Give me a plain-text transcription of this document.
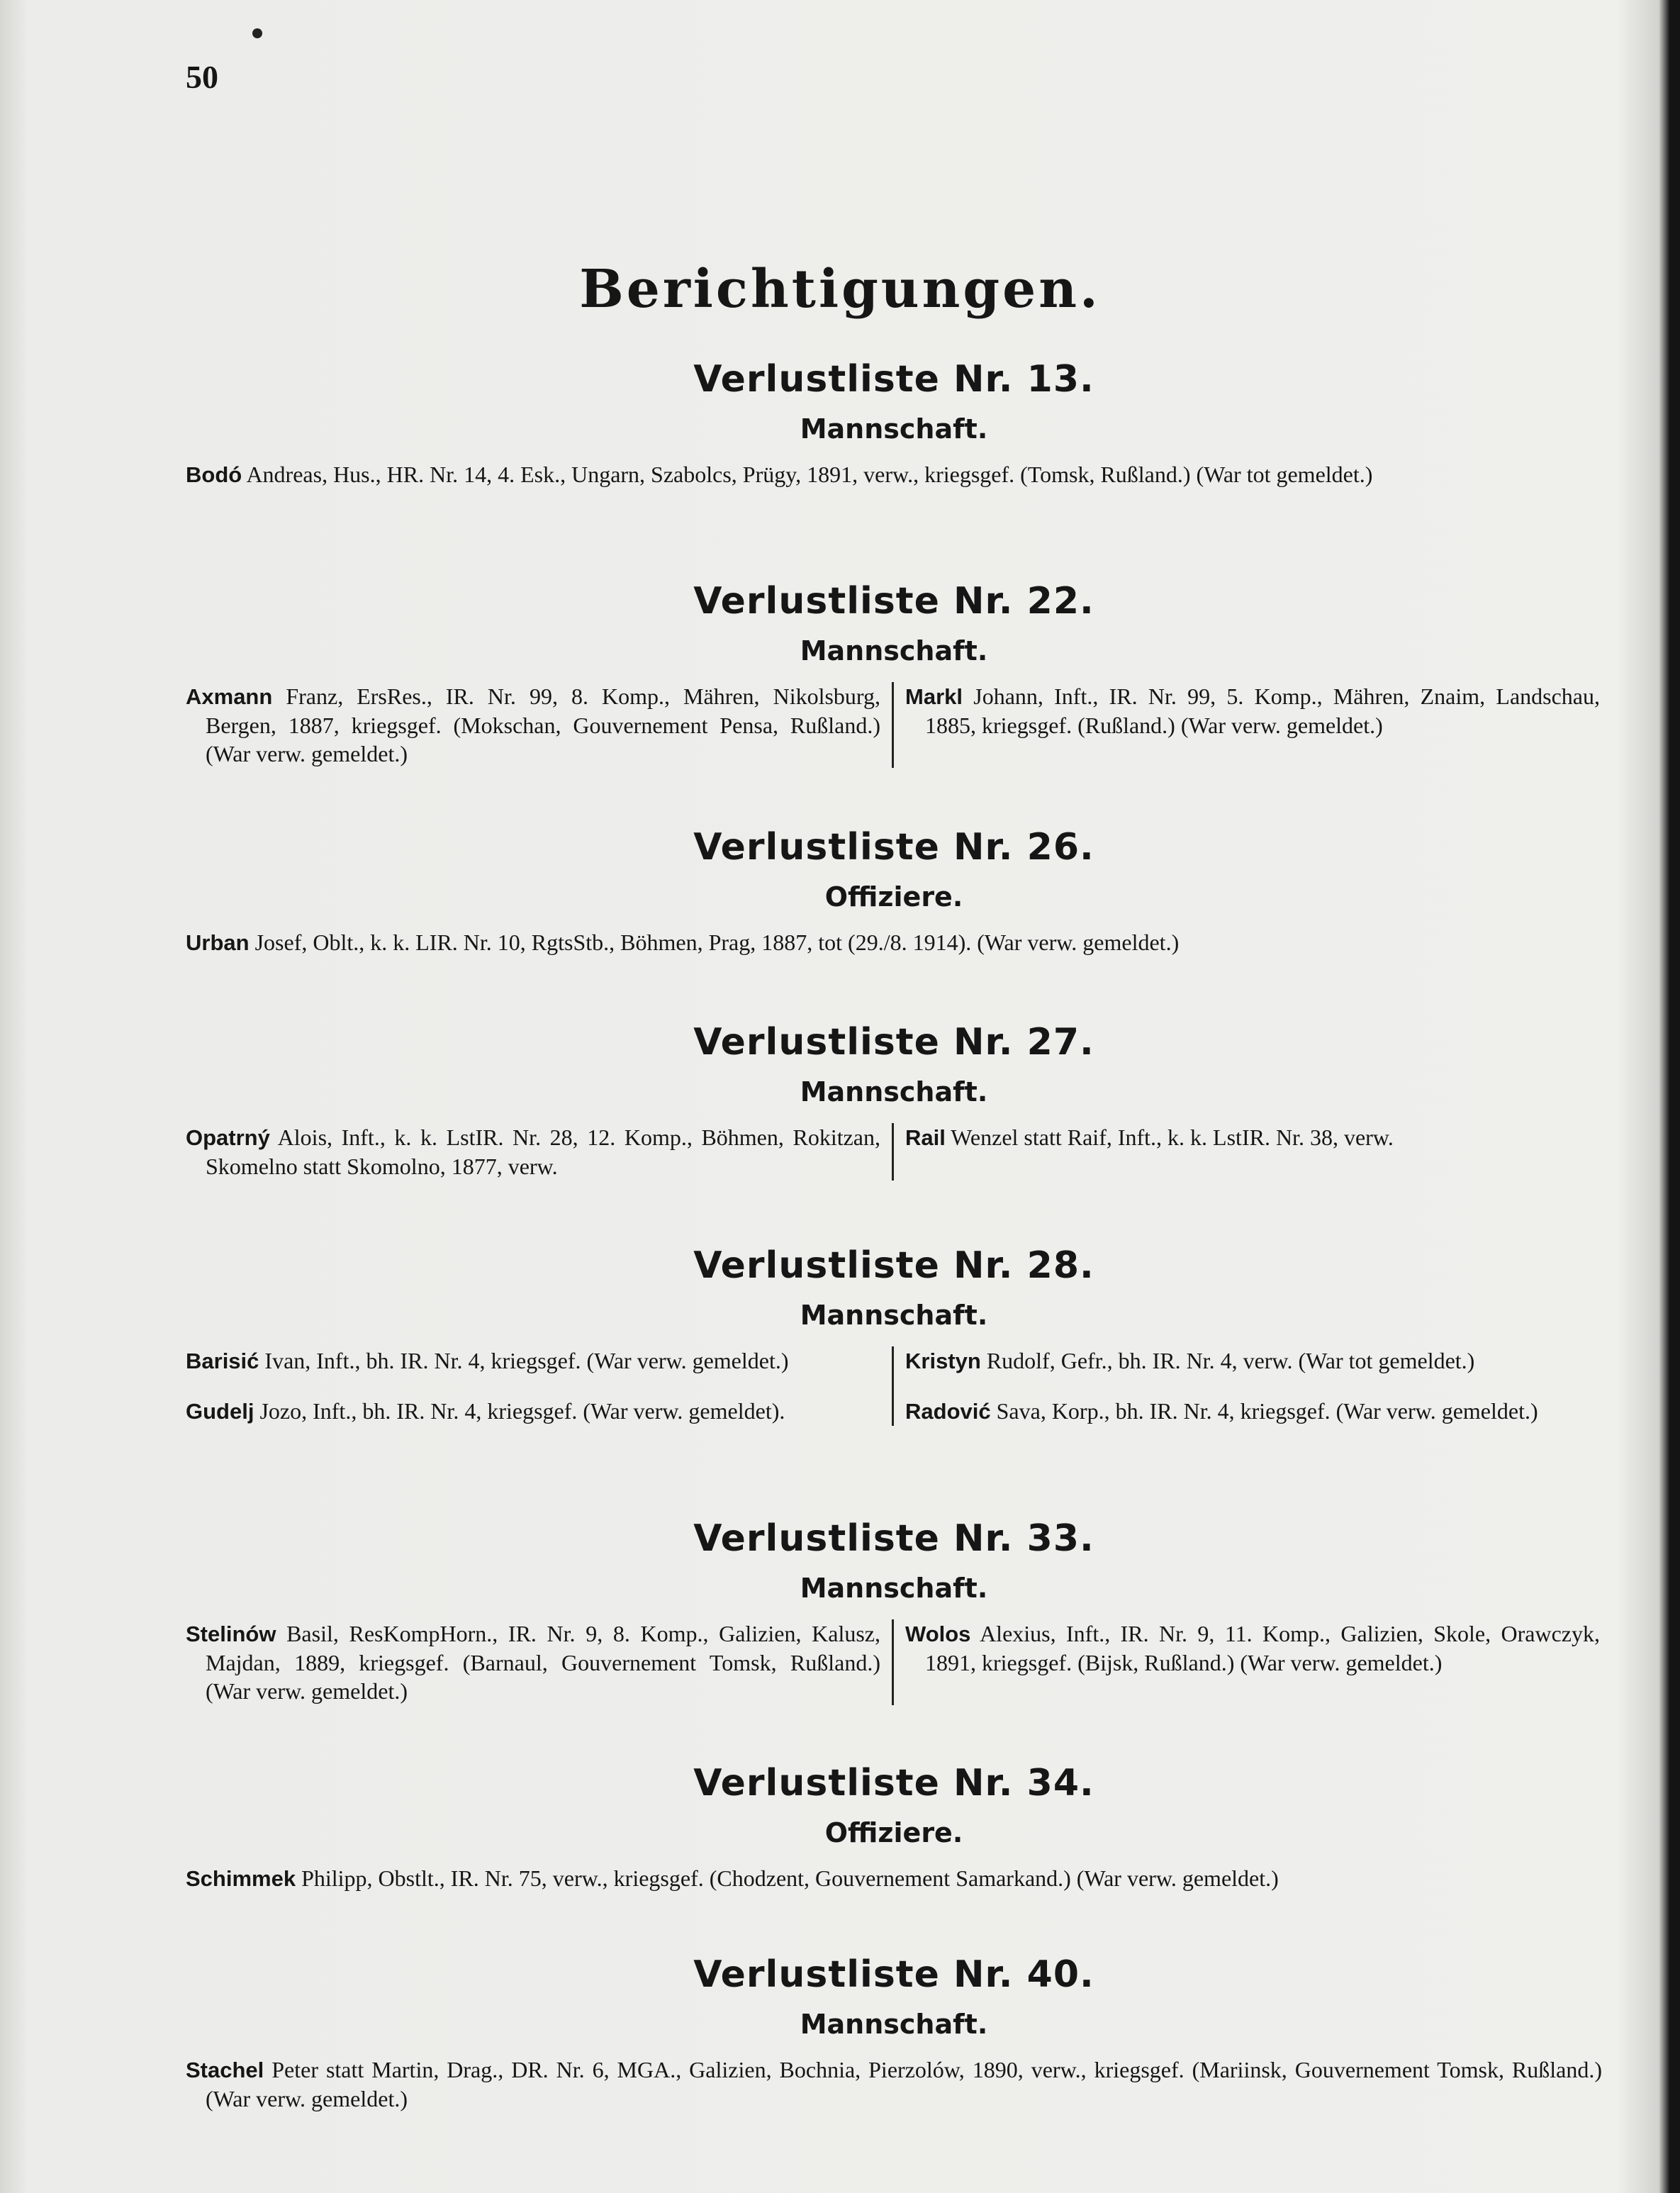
50
Berichtigungen.
Verlustliste Nr. 13.
Mannschaft.
Bodó Andreas, Hus., HR. Nr. 14, 4. Esk., Ungarn, Szabolcs, Prügy, 1891, verw., kriegsgef. (Tomsk, Rußland.) (War tot gemeldet.)
Verlustliste Nr. 22.
Mannschaft.
Axmann Franz, ErsRes., IR. Nr. 99, 8. Komp., Mähren, Nikolsburg, Bergen, 1887, kriegsgef. (Mokschan, Gouvernement Pensa, Rußland.) (War verw. gemeldet.)
Markl Johann, Inft., IR. Nr. 99, 5. Komp., Mähren, Znaim, Landschau, 1885, kriegsgef. (Rußland.) (War verw. gemeldet.)
Verlustliste Nr. 26.
Offiziere.
Urban Josef, Oblt., k. k. LIR. Nr. 10, RgtsStb., Böhmen, Prag, 1887, tot (29./8. 1914). (War verw. gemeldet.)
Verlustliste Nr. 27.
Mannschaft.
Opatrný Alois, Inft., k. k. LstIR. Nr. 28, 12. Komp., Böhmen, Rokitzan, Skomelno statt Skomolno, 1877, verw.
Rail Wenzel statt Raif, Inft., k. k. LstIR. Nr. 38, verw.
Verlustliste Nr. 28.
Mannschaft.
Barisić Ivan, Inft., bh. IR. Nr. 4, kriegsgef. (War verw. gemeldet.)
Gudelj Jozo, Inft., bh. IR. Nr. 4, kriegsgef. (War verw. gemeldet).
Kristyn Rudolf, Gefr., bh. IR. Nr. 4, verw. (War tot gemeldet.)
Radović Sava, Korp., bh. IR. Nr. 4, kriegsgef. (War verw. gemeldet.)
Verlustliste Nr. 33.
Mannschaft.
Stelinów Basil, ResKompHorn., IR. Nr. 9, 8. Komp., Galizien, Kalusz, Majdan, 1889, kriegsgef. (Barnaul, Gouvernement Tomsk, Rußland.) (War verw. gemeldet.)
Wolos Alexius, Inft., IR. Nr. 9, 11. Komp., Galizien, Skole, Orawczyk, 1891, kriegsgef. (Bijsk, Rußland.) (War verw. gemeldet.)
Verlustliste Nr. 34.
Offiziere.
Schimmek Philipp, Obstlt., IR. Nr. 75, verw., kriegsgef. (Chodzent, Gouvernement Samarkand.) (War verw. gemeldet.)
Verlustliste Nr. 40.
Mannschaft.
Stachel Peter statt Martin, Drag., DR. Nr. 6, MGA., Galizien, Bochnia, Pierzolów, 1890, verw., kriegsgef. (Mariinsk, Gouvernement Tomsk, Rußland.) (War verw. gemeldet.)
